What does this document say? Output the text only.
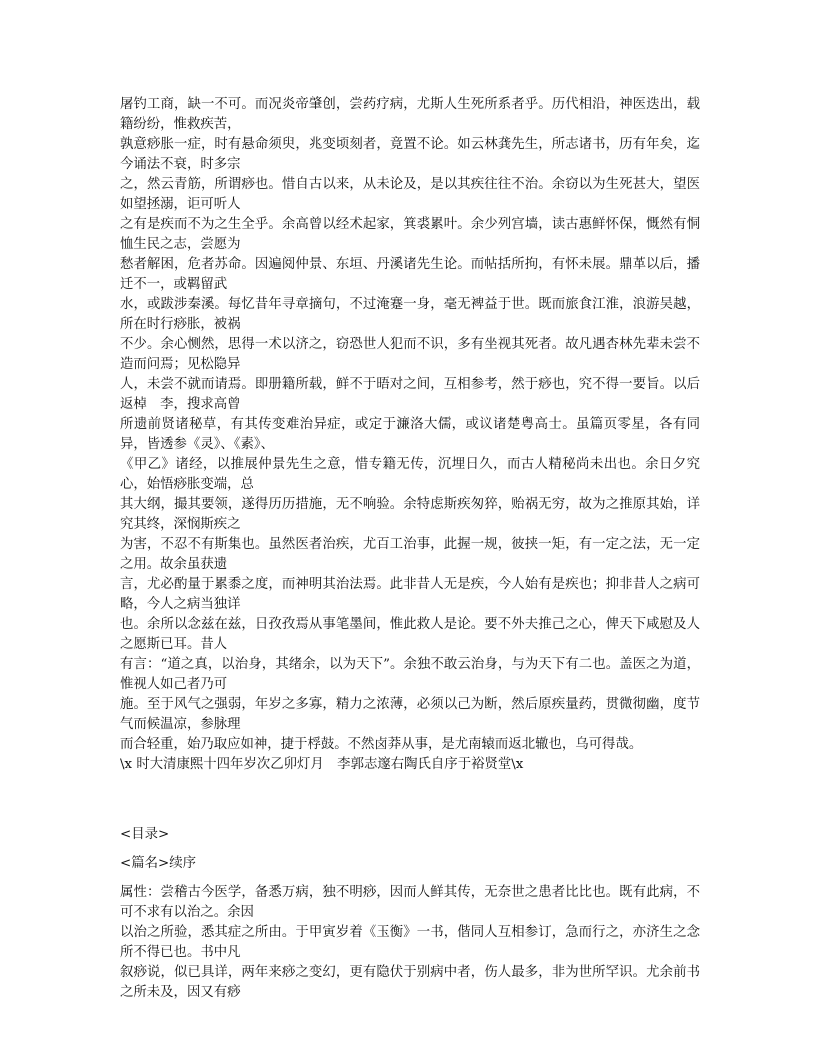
屠钓工商，缺一不可。而况炎帝肇创，尝药疗病，尤斯人生死所系者乎。历代相沿，神医迭出，载籍纷纷，惟救疾苦，

孰意痧胀一症，时有悬命须臾，兆变顷刻者，竟置不论。如云林龚先生，所志诸书，历有年矣，迄今诵法不衰，时多宗

之，然云青筋，所谓痧也。惜自古以来，从未论及，是以其疾往往不治。余窃以为生死甚大，望医如望拯溺，讵可听人

之有是疾而不为之生全乎。余高曾以经术起家，箕裘累叶。余少列宫墙，读古惠鲜怀保，慨然有恫恤生民之志，尝愿为

愁者解困，危者苏命。因遍阅仲景、东垣、丹溪诸先生论。而帖括所拘，有怀未展。鼎革以后，播迁不一，或羁留武

水，或跋涉秦溪。每忆昔年寻章摘句，不过淹蹇一身，毫无裨益于世。既而旅食江淮，浪游吴越，所在时行痧胀，被祸

不少。余心恻然，思得一术以济之，窃恐世人犯而不识，多有坐视其死者。故凡遇杏林先辈未尝不造而问焉；见松隐异

人，未尝不就而请焉。即册籍所载，鲜不于晤对之间，互相参考，然于痧也，究不得一要旨。以后返棹　李，搜求高曾

所遗前贤诸秘草，有其传变难治异症，或定于濂洛大儒，或议诸楚粤高士。虽篇页零星，各有同异，皆透参《灵》、《素》、

《甲乙》诸经，以推展仲景先生之意，惜专籍无传，沉埋日久，而古人精秘尚未出也。余日夕究心，始悟痧胀变端，总

其大纲，撮其要领，遂得历历措施，无不响验。余特虑斯疾匆猝，贻祸无穷，故为之推原其始，详究其终，深悯斯疾之

为害，不忍不有斯集也。虽然医者治疾，尤百工治事，此握一规，彼挟一矩，有一定之法，无一定之用。故余虽获遗

言，尤必酌量于累黍之度，而神明其治法焉。此非昔人无是疾，今人始有是疾也；抑非昔人之病可略，今人之病当独详

也。余所以念兹在兹，日孜孜焉从事笔墨间，惟此救人是论。要不外夫推己之心，俾天下咸慰及人之愿斯已耳。昔人

有言：“道之真，以治身，其绪余，以为天下”。余独不敢云治身，与为天下有二也。盖医之为道，惟视人如己者乃可

施。至于风气之强弱，年岁之多寡，精力之浓薄，必须以己为断，然后原疾量药，贯微彻幽，度节气而候温凉，参脉理

而合轻重，始乃取应如神，捷于桴鼓。不然卤莽从事，是尤南辕而返北辙也，乌可得哉。

\x 时大清康熙十四年岁次乙卯灯月　李郭志邃右陶氏自序于裕贤堂\x

<目录>

<篇名>续序

属性：尝稽古今医学，备悉万病，独不明痧，因而人鲜其传，无奈世之患者比比也。既有此病，不可不求有以治之。余因

以治之所验，悉其症之所由。于甲寅岁着《玉衡》一书，偕同人互相参订，急而行之，亦济生之念所不得已也。书中凡

叙痧说，似已具详，两年来痧之变幻，更有隐伏于别病中者，伤人最多，非为世所罕识。尤余前书之所未及，因又有痧
